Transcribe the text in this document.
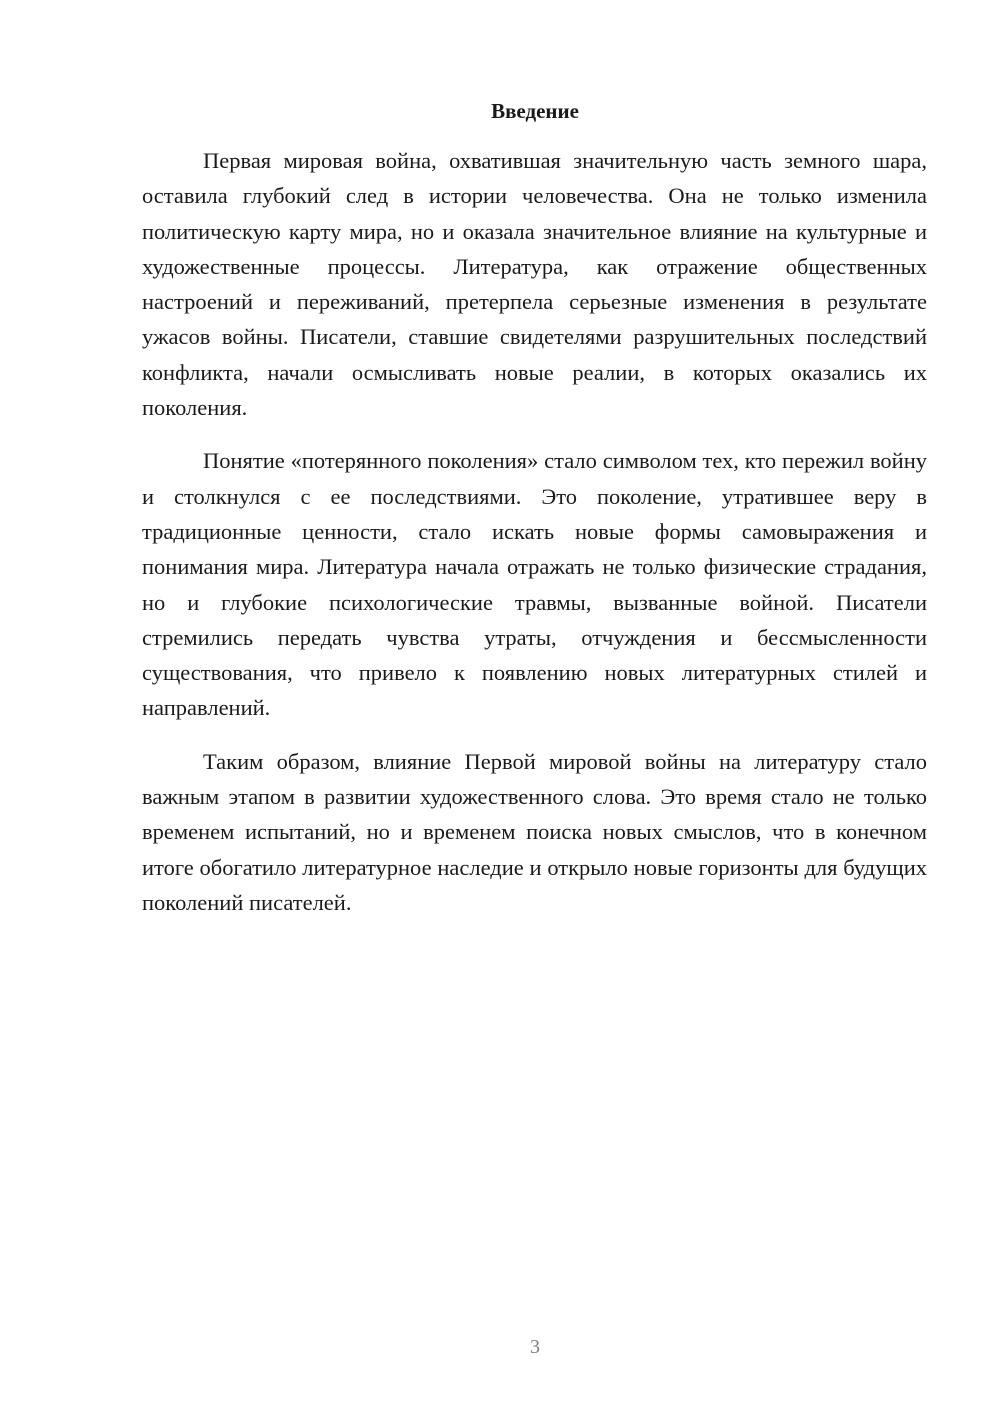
Введение

Первая мировая война, охватившая значительную часть земного шара, оставила глубокий след в истории человечества. Она не только изменила политическую карту мира, но и оказала значительное влияние на культурные и художественные процессы. Литература, как отражение общественных настроений и переживаний, претерпела серьезные изменения в результате ужасов войны. Писатели, ставшие свидетелями разрушительных последствий конфликта, начали осмысливать новые реалии, в которых оказались их поколения.

Понятие «потерянного поколения» стало символом тех, кто пережил войну и столкнулся с ее последствиями. Это поколение, утратившее веру в традиционные ценности, стало искать новые формы самовыражения и понимания мира. Литература начала отражать не только физические страдания, но и глубокие психологические травмы, вызванные войной. Писатели стремились передать чувства утраты, отчуждения и бессмысленности существования, что привело к появлению новых литературных стилей и направлений.

Таким образом, влияние Первой мировой войны на литературу стало важным этапом в развитии художественного слова. Это время стало не только временем испытаний, но и временем поиска новых смыслов, что в конечном итоге обогатило литературное наследие и открыло новые горизонты для будущих поколений писателей.

3
